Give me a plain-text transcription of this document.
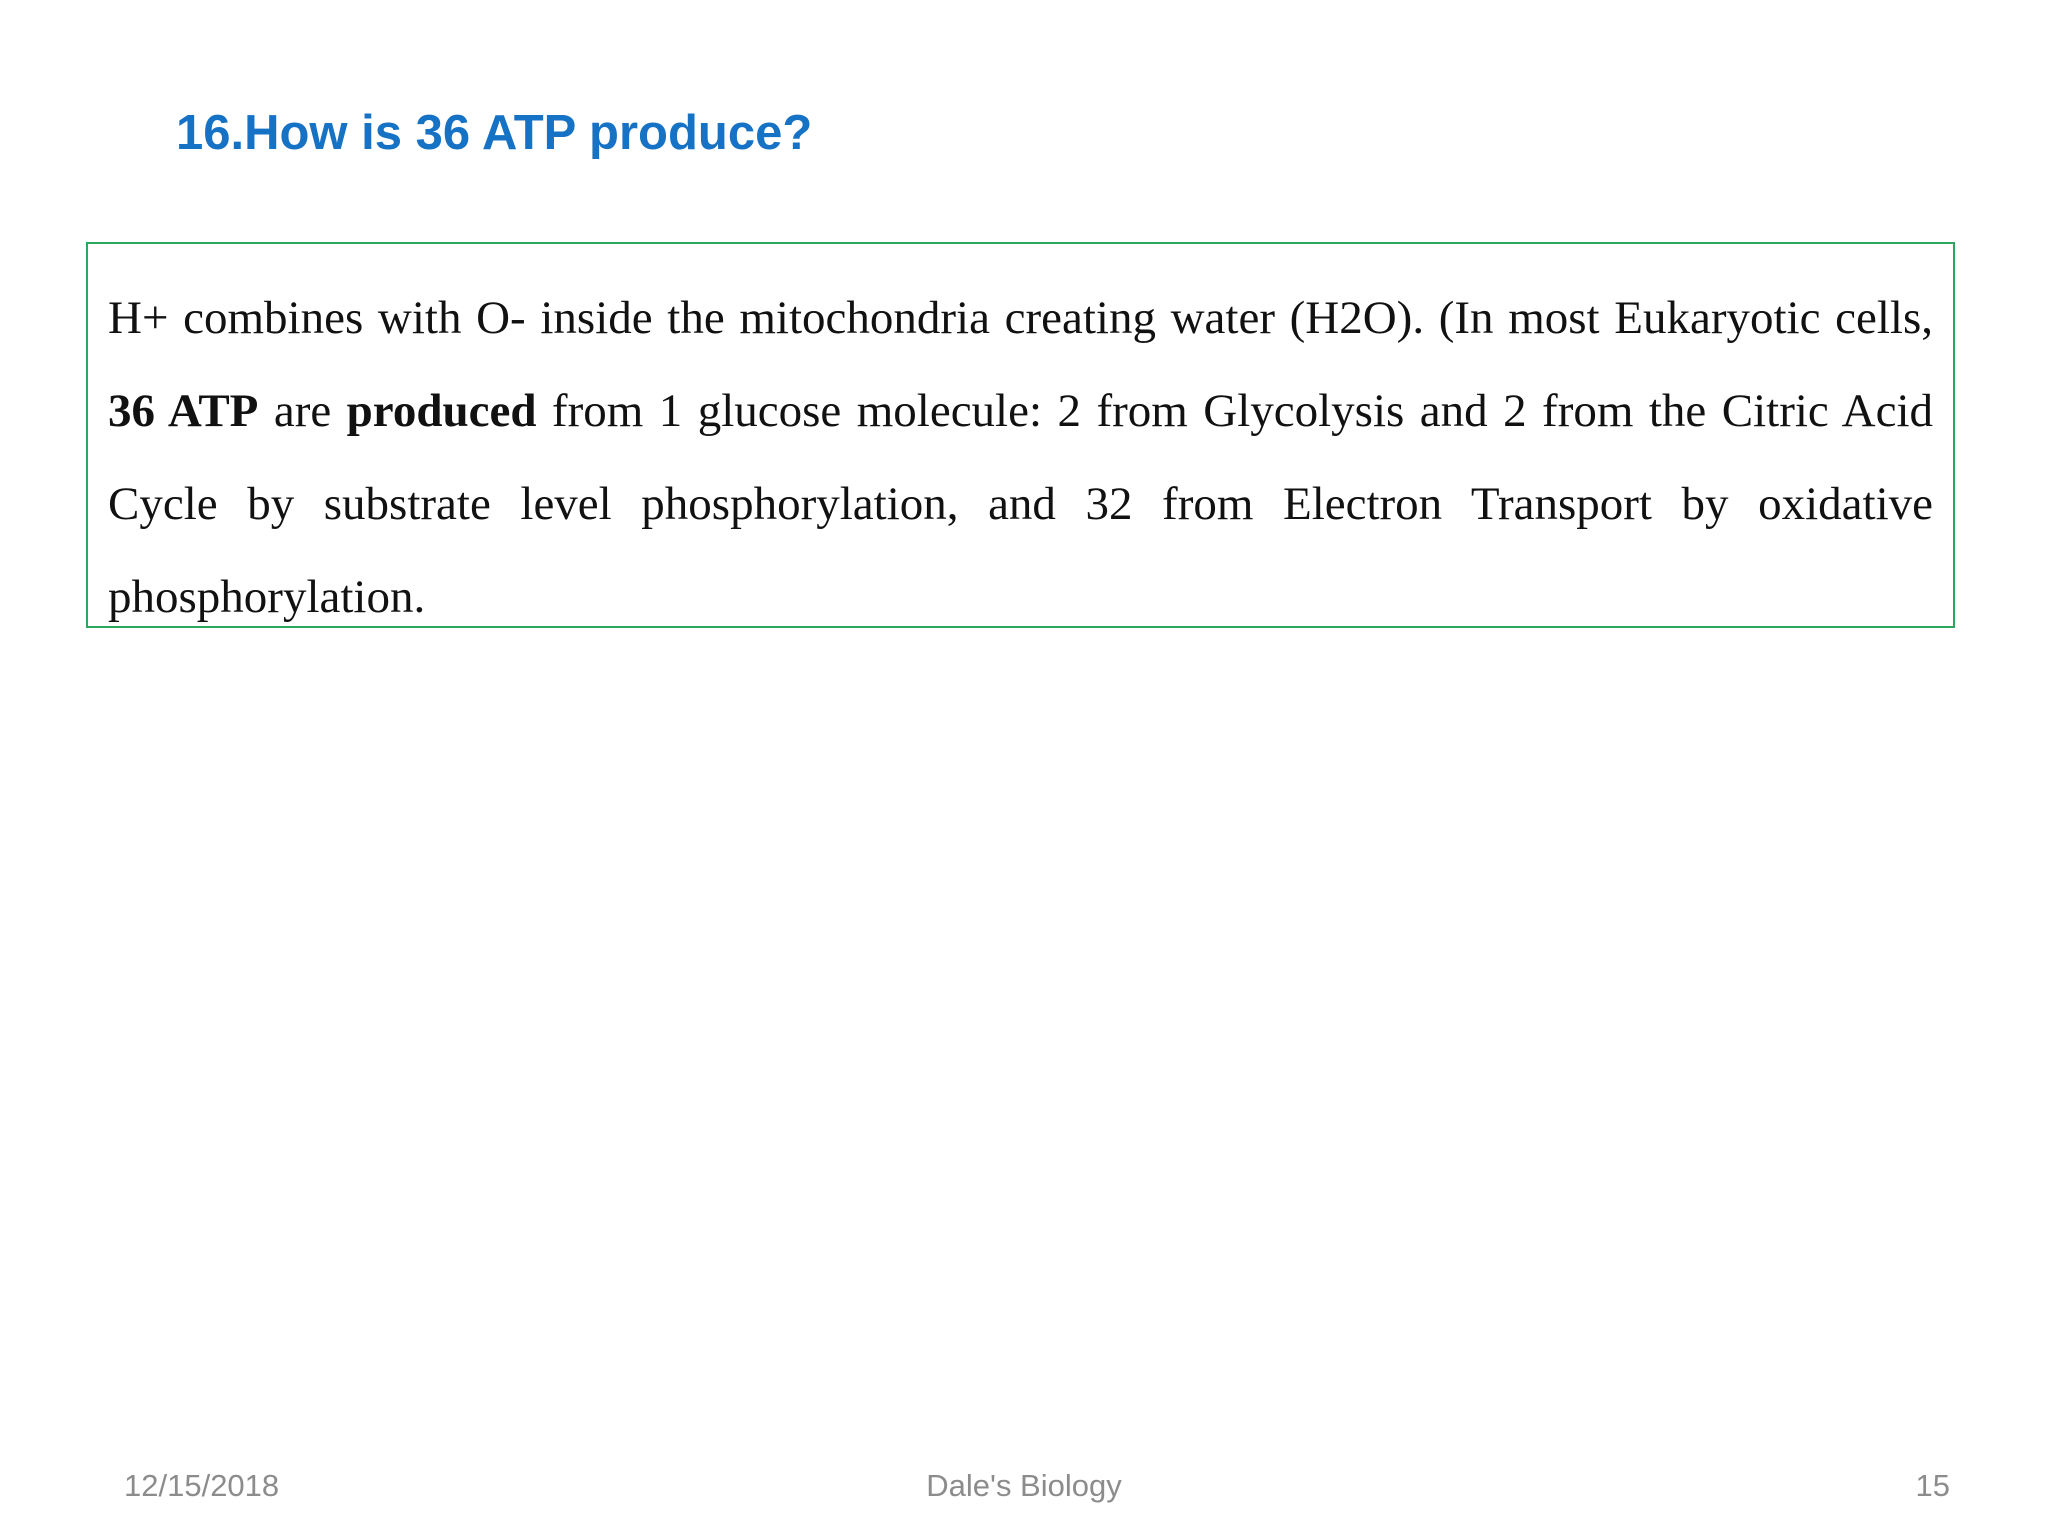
16.How is 36 ATP produce?

H+ combines with O- inside the mitochondria creating water (H2O). (In most Eukaryotic cells, 36 ATP are produced from 1 glucose molecule: 2 from Glycolysis and 2 from the Citric Acid Cycle by substrate level phosphorylation, and 32 from Electron Transport by oxidative phosphorylation.

12/15/2018	Dale's Biology	15
